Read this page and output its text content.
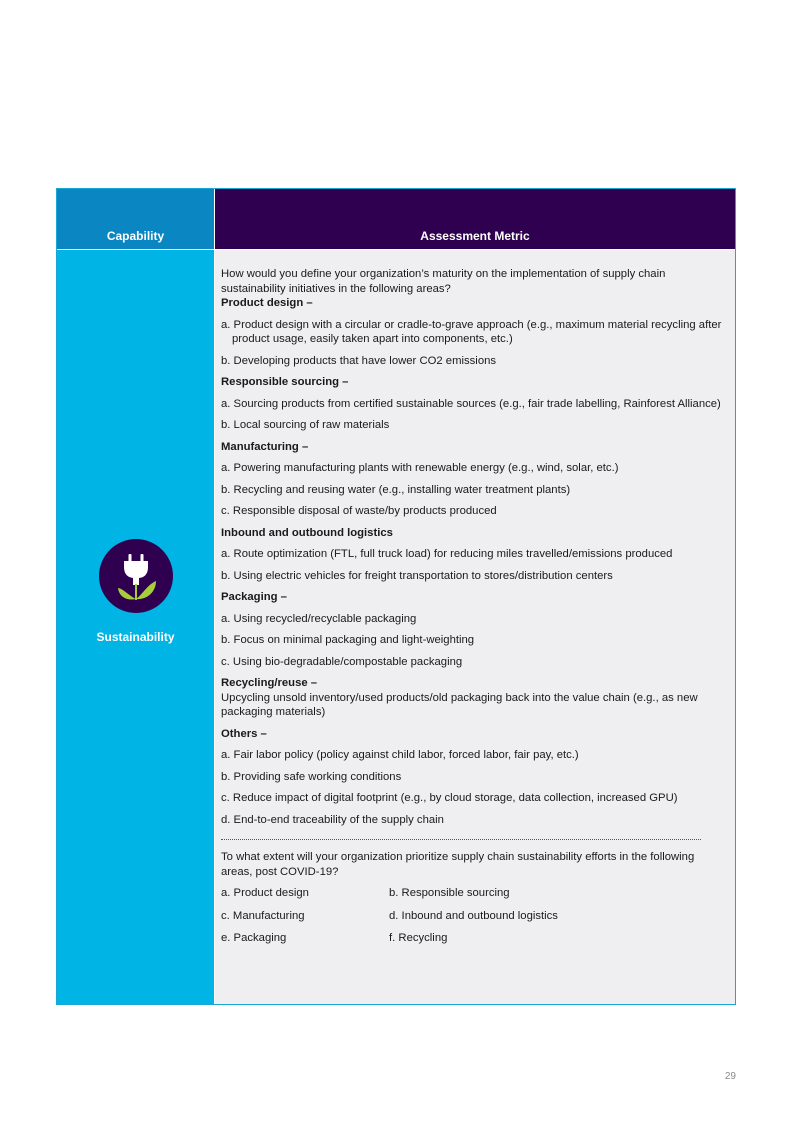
Capability	Assessment Metric
Sustainability

How would you define your organization’s maturity on the implementation of supply chain sustainability initiatives in the following areas?

Product design –

a. Product design with a circular or cradle-to-grave approach (e.g., maximum material recycling after product usage, easily taken apart into components, etc.)

b. Developing products that have lower CO2 emissions

Responsible sourcing –

a. Sourcing products from certified sustainable sources (e.g., fair trade labelling, Rainforest Alliance)

b. Local sourcing of raw materials

Manufacturing –

a. Powering manufacturing plants with renewable energy (e.g., wind, solar, etc.)

b. Recycling and reusing water (e.g., installing water treatment plants)

c. Responsible disposal of waste/by products produced

Inbound and outbound logistics

a. Route optimization (FTL, full truck load) for reducing miles travelled/emissions produced

b. Using electric vehicles for freight transportation to stores/distribution centers

Packaging –

a. Using recycled/recyclable packaging

b. Focus on minimal packaging and light-weighting

c. Using bio-degradable/compostable packaging

Recycling/reuse –

Upcycling unsold inventory/used products/old packaging back into the value chain (e.g., as new packaging materials)

Others –

a. Fair labor policy (policy against child labor, forced labor, fair pay, etc.)

b. Providing safe working conditions

c. Reduce impact of digital footprint (e.g., by cloud storage, data collection, increased GPU)

d. End-to-end traceability of the supply chain

To what extent will your organization prioritize supply chain sustainability efforts in the following areas, post COVID-19?

a. Product design	b. Responsible sourcing
c. Manufacturing	d. Inbound and outbound logistics
e. Packaging	f. Recycling
29
